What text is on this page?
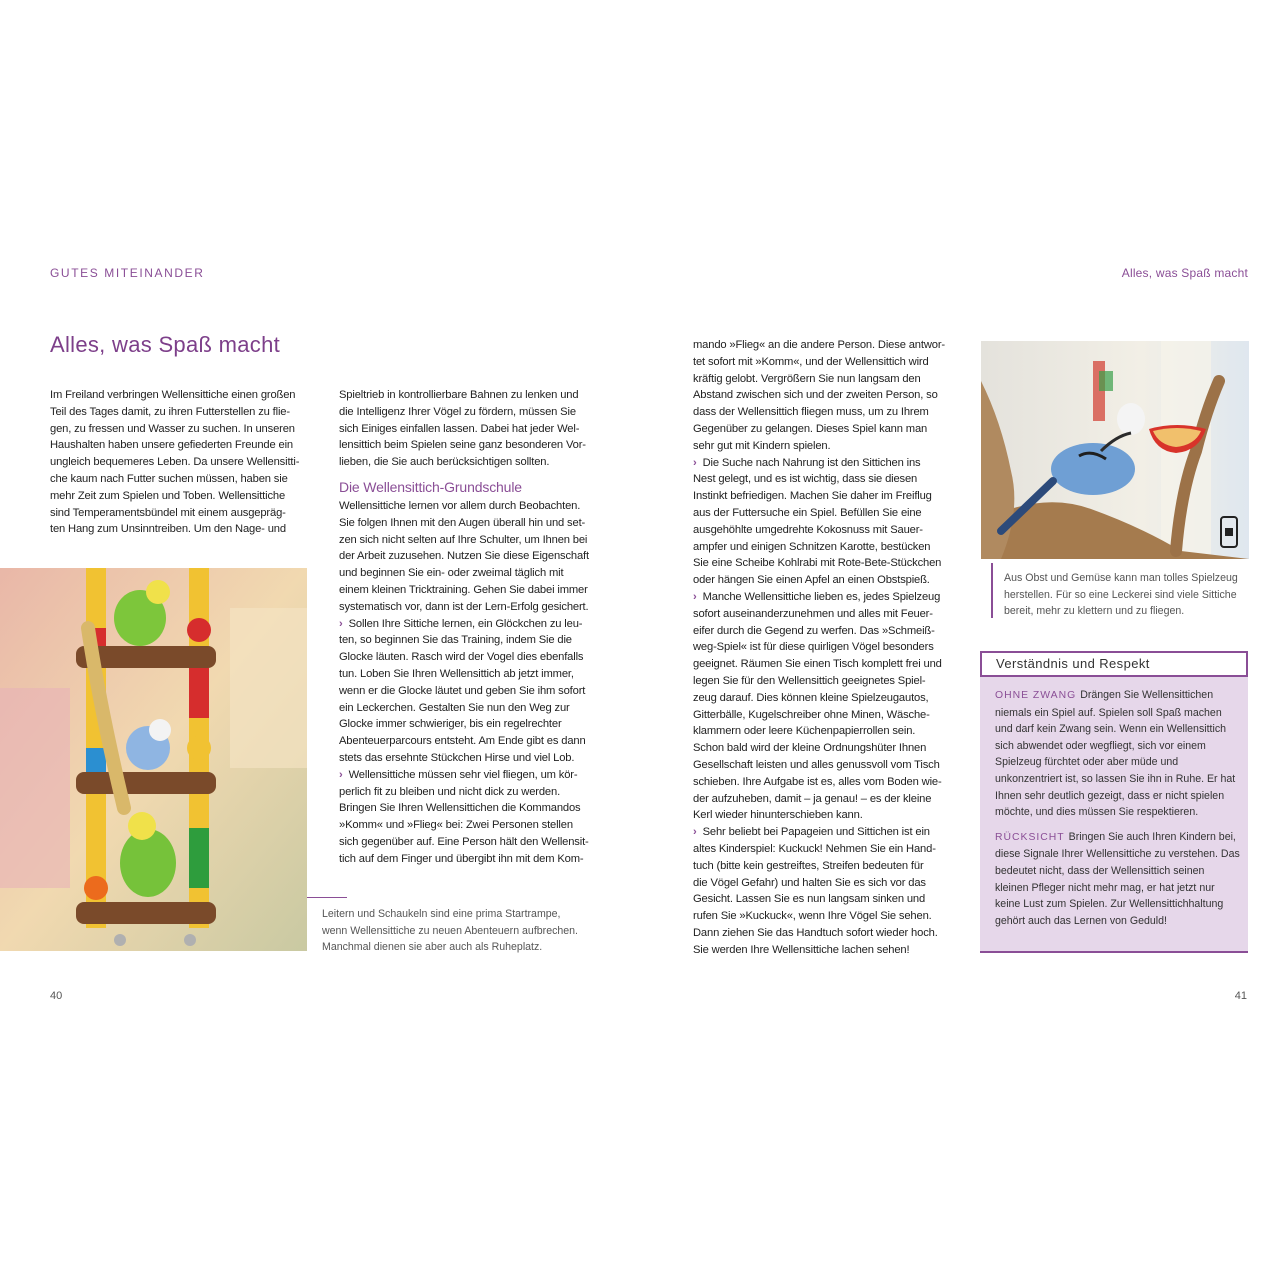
GUTES MITEINANDER	Alles, was Spaß macht
Alles, was Spaß macht
Im Freiland verbringen Wellensittiche einen großen
Teil des Tages damit, zu ihren Futterstellen zu flie-
gen, zu fressen und Wasser zu suchen. In unseren
Haushalten haben unsere gefiederten Freunde ein
ungleich bequemeres Leben. Da unsere Wellensitti-
che kaum nach Futter suchen müssen, haben sie
mehr Zeit zum Spielen und Toben. Wellensittiche
sind Temperamentsbündel mit einem ausgepräg-
ten Hang zum Unsinntreiben. Um den Nage- und
Spieltrieb in kontrollierbare Bahnen zu lenken und
die Intelligenz Ihrer Vögel zu fördern, müssen Sie
sich Einiges einfallen lassen. Dabei hat jeder Wel-
lensittich beim Spielen seine ganz besonderen Vor-
lieben, die Sie auch berücksichtigen sollten.
Die Wellensittich-Grundschule
Wellensittiche lernen vor allem durch Beobachten.
Sie folgen Ihnen mit den Augen überall hin und set-
zen sich nicht selten auf Ihre Schulter, um Ihnen bei
der Arbeit zuzusehen. Nutzen Sie diese Eigenschaft
und beginnen Sie ein- oder zweimal täglich mit
einem kleinen Tricktraining. Gehen Sie dabei immer
systematisch vor, dann ist der Lern-Erfolg gesichert.
› Sollen Ihre Sittiche lernen, ein Glöckchen zu leu-
ten, so beginnen Sie das Training, indem Sie die
Glocke läuten. Rasch wird der Vogel dies ebenfalls
tun. Loben Sie Ihren Wellensittich ab jetzt immer,
wenn er die Glocke läutet und geben Sie ihm sofort
ein Leckerchen. Gestalten Sie nun den Weg zur
Glocke immer schwieriger, bis ein regelrechter
Abenteuerparcours entsteht. Am Ende gibt es dann
stets das ersehnte Stückchen Hirse und viel Lob.
› Wellensittiche müssen sehr viel fliegen, um kör-
perlich fit zu bleiben und nicht dick zu werden.
Bringen Sie Ihren Wellensittichen die Kommandos
»Komm« und »Flieg« bei: Zwei Personen stellen
sich gegenüber auf. Eine Person hält den Wellensit-
tich auf dem Finger und übergibt ihn mit dem Kom-
Leitern und Schaukeln sind eine prima Startrampe,
wenn Wellensittiche zu neuen Abenteuern aufbrechen.
Manchmal dienen sie aber auch als Ruheplatz.
mando »Flieg« an die andere Person. Diese antwor-
tet sofort mit »Komm«, und der Wellensittich wird
kräftig gelobt. Vergrößern Sie nun langsam den
Abstand zwischen sich und der zweiten Person, so
dass der Wellensittich fliegen muss, um zu Ihrem
Gegenüber zu gelangen. Dieses Spiel kann man
sehr gut mit Kindern spielen.
› Die Suche nach Nahrung ist den Sittichen ins
Nest gelegt, und es ist wichtig, dass sie diesen
Instinkt befriedigen. Machen Sie daher im Freiflug
aus der Futtersuche ein Spiel. Befüllen Sie eine
ausgehöhlte umgedrehte Kokosnuss mit Sauer-
ampfer und einigen Schnitzen Karotte, bestücken
Sie eine Scheibe Kohlrabi mit Rote-Bete-Stückchen
oder hängen Sie einen Apfel an einen Obstspieß.
› Manche Wellensittiche lieben es, jedes Spielzeug
sofort auseinanderzunehmen und alles mit Feuer-
eifer durch die Gegend zu werfen. Das »Schmeiß-
weg-Spiel« ist für diese quirligen Vögel besonders
geeignet. Räumen Sie einen Tisch komplett frei und
legen Sie für den Wellensittich geeignetes Spiel-
zeug darauf. Dies können kleine Spielzeugautos,
Gitterbälle, Kugelschreiber ohne Minen, Wäsche-
klammern oder leere Küchenpapierrollen sein.
Schon bald wird der kleine Ordnungshüter Ihnen
Gesellschaft leisten und alles genussvoll vom Tisch
schieben. Ihre Aufgabe ist es, alles vom Boden wie-
der aufzuheben, damit – ja genau! – es der kleine
Kerl wieder hinunterschieben kann.
› Sehr beliebt bei Papageien und Sittichen ist ein
altes Kinderspiel: Kuckuck! Nehmen Sie ein Hand-
tuch (bitte kein gestreiftes, Streifen bedeuten für
die Vögel Gefahr) und halten Sie es sich vor das
Gesicht. Lassen Sie es nun langsam sinken und
rufen Sie »Kuckuck«, wenn Ihre Vögel Sie sehen.
Dann ziehen Sie das Handtuch sofort wieder hoch.
Sie werden Ihre Wellensittiche lachen sehen!
Aus Obst und Gemüse kann man tolles Spielzeug
herstellen. Für so eine Leckerei sind viele Sittiche
bereit, mehr zu klettern und zu fliegen.
Verständnis und Respekt

OHNE ZWANG Drängen Sie Wellensittichen niemals ein Spiel auf. Spielen soll Spaß machen und darf kein Zwang sein. Wenn ein Wellensittich sich abwendet oder wegfliegt, sich vor einem Spielzeug fürchtet oder aber müde und unkonzentriert ist, so lassen Sie ihn in Ruhe. Er hat Ihnen sehr deutlich gezeigt, dass er nicht spielen möchte, und dies müssen Sie respektieren.

RÜCKSICHT Bringen Sie auch Ihren Kindern bei, diese Signale Ihrer Wellensittiche zu verstehen. Das bedeutet nicht, dass der Wellensittich seinen kleinen Pfleger nicht mehr mag, er hat jetzt nur keine Lust zum Spielen. Zur Wellensittichhaltung gehört auch das Lernen von Geduld!

40	41
